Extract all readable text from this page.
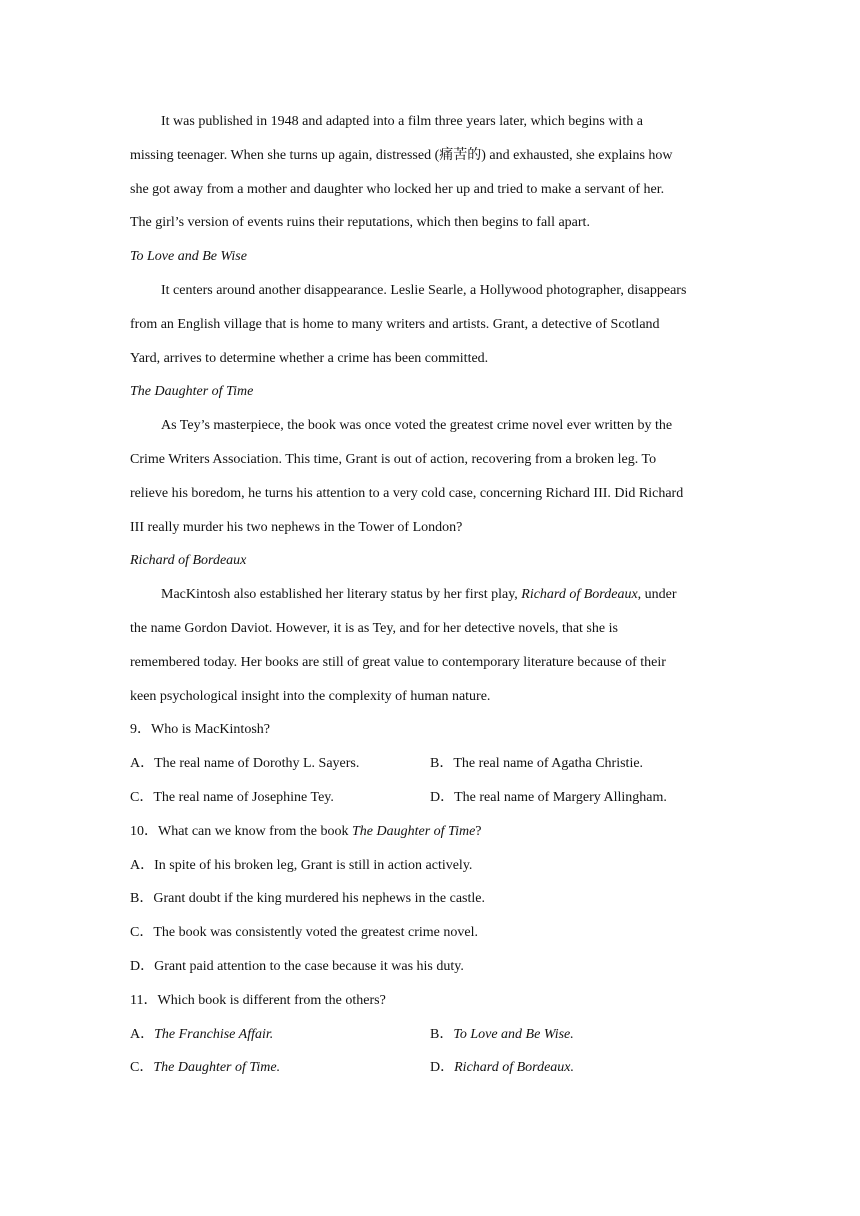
It was published in 1948 and adapted into a film three years later, which begins with a
missing teenager. When she turns up again, distressed (痛苦的) and exhausted, she explains how
she got away from a mother and daughter who locked her up and tried to make a servant of her.
The girl’s version of events ruins their reputations, which then begins to fall apart.
To Love and Be Wise
It centers around another disappearance. Leslie Searle, a Hollywood photographer, disappears
from an English village that is home to many writers and artists. Grant, a detective of Scotland
Yard, arrives to determine whether a crime has been committed.
The Daughter of Time
As Tey’s masterpiece, the book was once voted the greatest crime novel ever written by the
Crime Writers Association. This time, Grant is out of action, recovering from a broken leg. To
relieve his boredom, he turns his attention to a very cold case, concerning Richard III. Did Richard
III really murder his two nephews in the Tower of London?
Richard of Bordeaux
MacKintosh also established her literary status by her first play, Richard of Bordeaux, under
the name Gordon Daviot. However, it is as Tey, and for her detective novels, that she is
remembered today. Her books are still of great value to contemporary literature because of their
keen psychological insight into the complexity of human nature.
9．Who is MacKintosh?
A．The real name of Dorothy L. Sayers.	B．The real name of Agatha Christie.
C．The real name of Josephine Tey.	D．The real name of Margery Allingham.
10．What can we know from the book The Daughter of Time?
A．In spite of his broken leg, Grant is still in action actively.
B．Grant doubt if the king murdered his nephews in the castle.
C．The book was consistently voted the greatest crime novel.
D．Grant paid attention to the case because it was his duty.
11．Which book is different from the others?
A．The Franchise Affair.	B．To Love and Be Wise.
C．The Daughter of Time.	D．Richard of Bordeaux.
